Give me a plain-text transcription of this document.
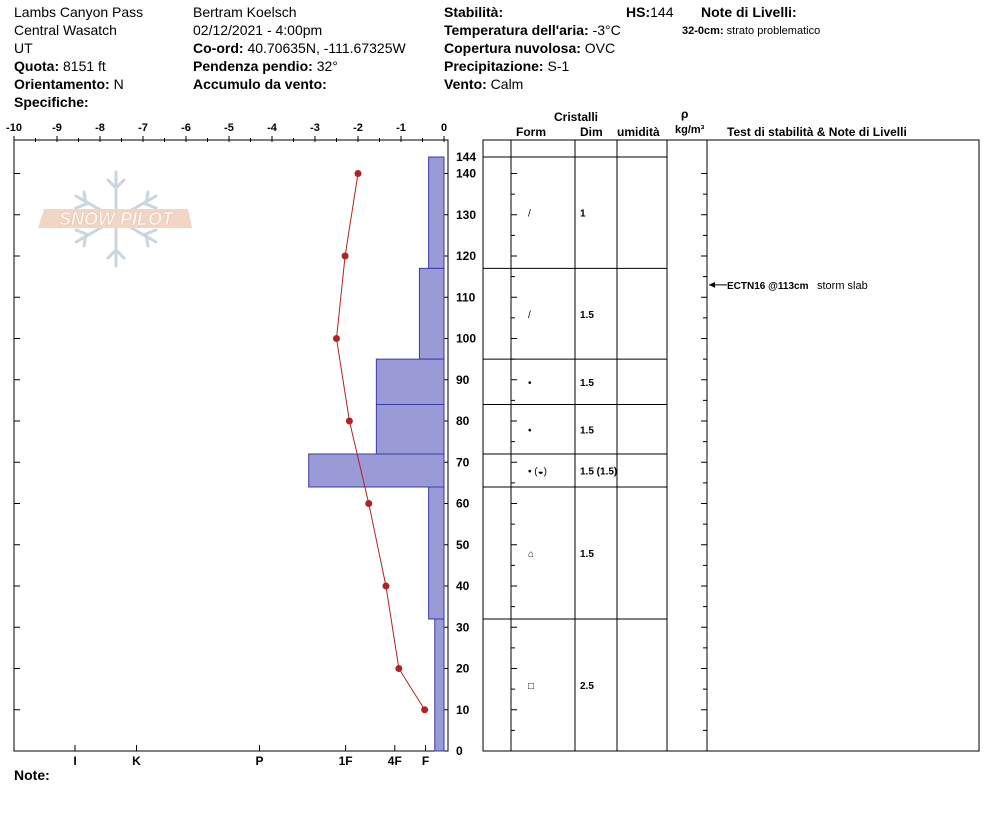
Lambs Canyon Pass
Central Wasatch
UT
Quota: 8151 ft
Orientamento: N
Specifiche:
Bertram Koelsch
02/12/2021 - 4:00pm
Co-ord: 40.70635N, -111.67325W
Pendenza pendio: 32°
Accumulo da vento:
Stabilità:
Temperatura dell'aria: -3°C
Copertura nuvolosa: OVC
Precipitazione: S-1
Vento: Calm
HS:144 Note di Livelli:
32-0cm: strato problematico
Cristalli
Form	Dim umidità
ρ
kg/m³ Test di stabilità & Note di Livelli
Note:
SNOW PILOT
-10	-9	-8	-7	-6	-5	-4	-3	-2	-1	0
I	K	P	1F	4F F
0
10
20
30
40
50
60
70
80
90
100
110
120
130
140
144
/	1
/	1.5
•	1.5
•	1.5
• (◒)	1.5 (1.5)
⌂	1.5
□	2.5
ECTN16 @113cm storm slab
